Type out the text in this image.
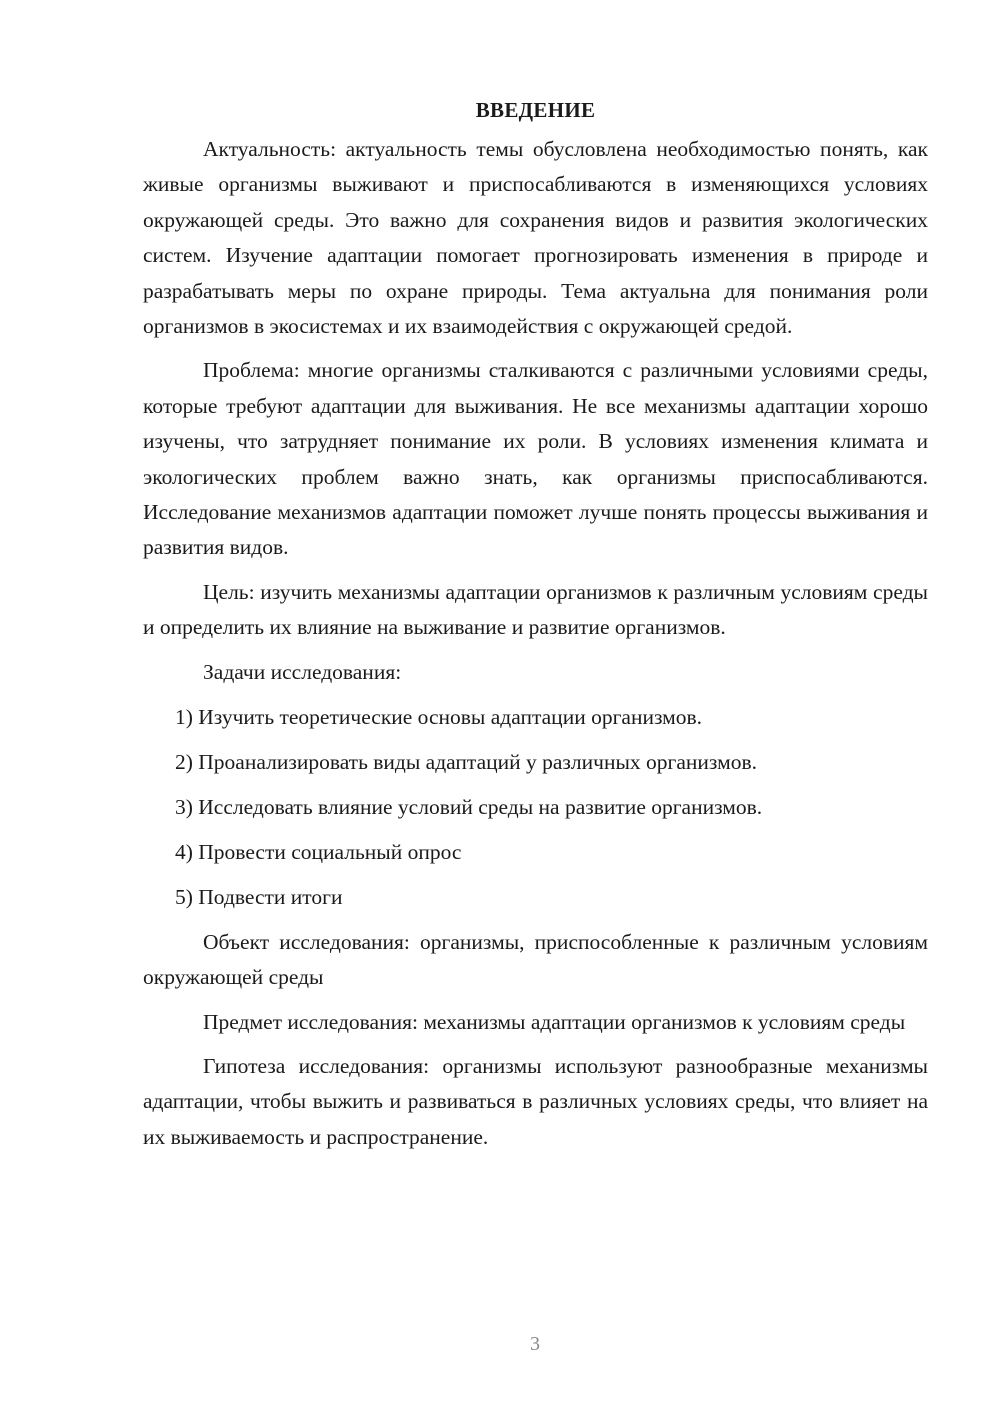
ВВЕДЕНИЕ

Актуальность: актуальность темы обусловлена необходимостью понять, как живые организмы выживают и приспосабливаются в изменяющихся условиях окружающей среды. Это важно для сохранения видов и развития экологических систем. Изучение адаптации помогает прогнозировать изменения в природе и разрабатывать меры по охране природы. Тема актуальна для понимания роли организмов в экосистемах и их взаимодействия с окружающей средой.

Проблема: многие организмы сталкиваются с различными условиями среды, которые требуют адаптации для выживания. Не все механизмы адаптации хорошо изучены, что затрудняет понимание их роли. В условиях изменения климата и экологических проблем важно знать, как организмы приспосабливаются. Исследование механизмов адаптации поможет лучше понять процессы выживания и развития видов.

Цель: изучить механизмы адаптации организмов к различным условиям среды и определить их влияние на выживание и развитие организмов.

Задачи исследования:

1) Изучить теоретические основы адаптации организмов.

2) Проанализировать виды адаптаций у различных организмов.

3) Исследовать влияние условий среды на развитие организмов.

4) Провести социальный опрос

5) Подвести итоги

Объект исследования: организмы, приспособленные к различным условиям окружающей среды

Предмет исследования: механизмы адаптации организмов к условиям среды

Гипотеза исследования: организмы используют разнообразные механизмы адаптации, чтобы выжить и развиваться в различных условиях среды, что влияет на их выживаемость и распространение.

3
